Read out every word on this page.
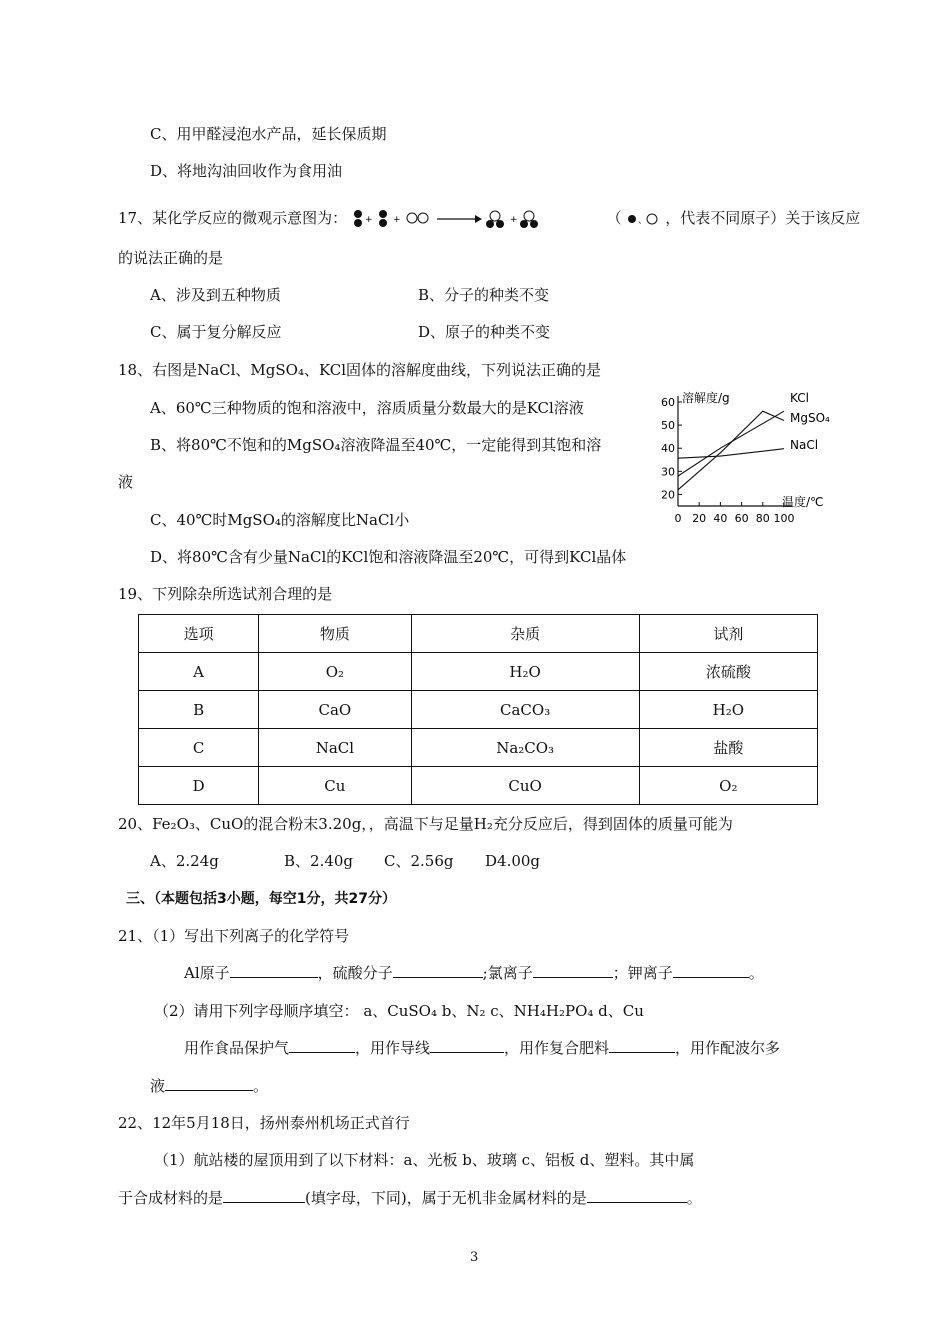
C、用甲醛浸泡水产品，延长保质期
D、将地沟油回收作为食用油
17、某化学反应的微观示意图为： + +	+	（ 、 ，代表不同原子）关于该反应
的说法正确的是
A、涉及到五种物质	B、分子的种类不变
C、属于复分解反应	D、原子的种类不变
18、右图是NaCl、MgSO₄、KCl固体的溶解度曲线，下列说法正确的是
A、60℃三种物质的饱和溶液中，溶质质量分数最大的是KCl溶液
B、将80℃不饱和的MgSO₄溶液降温至40℃，一定能得到其饱和溶
液
C、40℃时MgSO₄的溶解度比NaCl小
D、将80℃含有少量NaCl的KCl饱和溶液降温至20℃，可得到KCl晶体
溶解度/g
温度/℃
20
30
40
50
60
0 20 40 60 80 100
KCl
MgSO₄
NaCl
19、下列除杂所选试剂合理的是
选项	物质	杂质	试剂
A	O₂	H₂O	浓硫酸
B	CaO	CaCO₃	H₂O
C	NaCl	Na₂CO₃	盐酸
D	Cu	CuO	O₂
20、Fe₂O₃、CuO的混合粉末3.20g，，高温下与足量H₂充分反应后，得到固体的质量可能为
A、2.24g	B、2.40g C、2.56g D4.00g
三、（本题包括3小题，每空1分，共27分）
21、（1）写出下列离子的化学符号
Al原子	，硫酸分子	;氯离子	；钾离子	。
（2）请用下列字母顺序填空： a、CuSO₄ b、N₂ c、NH₄H₂PO₄ d、Cu
用作食品保护气	，用作导线	，用作复合肥料	，用作配波尔多
液	。
22、12年5月18日，扬州泰州机场正式首行
（1）航站楼的屋顶用到了以下材料：a、光板 b、玻璃 c、铝板 d、塑料。其中属
于合成材料的是	(填字母，下同)，属于无机非金属材料的是	。
3
